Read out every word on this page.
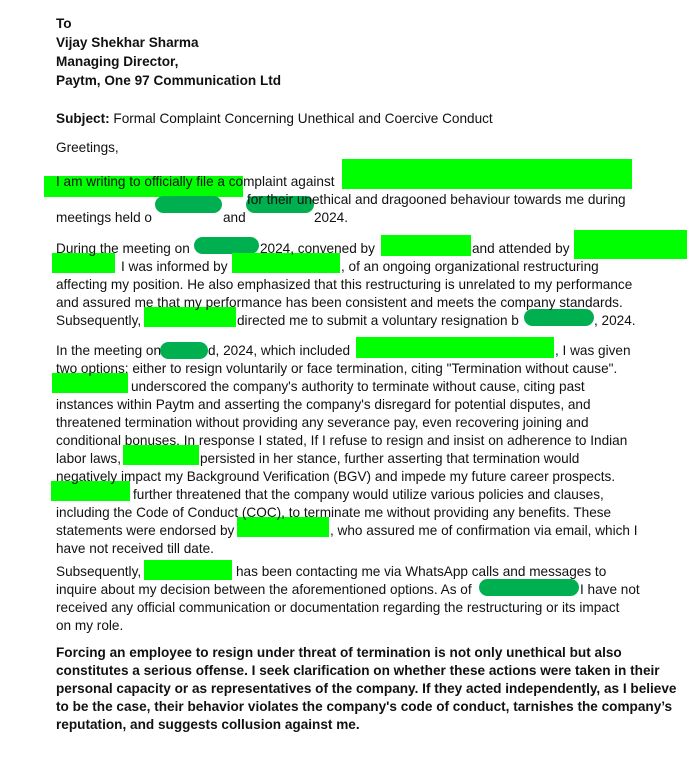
To
Vijay Shekhar Sharma
Managing Director,
Paytm, One 97 Communication Ltd
Subject: Formal Complaint Concerning Unethical and Coercive Conduct
Greetings,
I am writing to officially file a complaint against
for their unethical and dragooned behaviour towards me during
meetings held o	and	2024.
During the meeting on	2024, convened by	and attended by
I was informed by	, of an ongoing organizational restructuring
affecting my position. He also emphasized that this restructuring is unrelated to my performance
and assured me that my performance has been consistent and meets the company standards.
Subsequently,	directed me to submit a voluntary resignation b	, 2024.
In the meeting on	d, 2024, which included	, I was given
two options: either to resign voluntarily or face termination, citing "Termination without cause".
underscored the company's authority to terminate without cause, citing past
instances within Paytm and asserting the company's disregard for potential disputes, and
threatened termination without providing any severance pay, even recovering joining and
conditional bonuses. In response I stated, If I refuse to resign and insist on adherence to Indian
labor laws,	persisted in her stance, further asserting that termination would
negatively impact my Background Verification (BGV) and impede my future career prospects.
further threatened that the company would utilize various policies and clauses,
including the Code of Conduct (COC), to terminate me without providing any benefits. These
statements were endorsed by	, who assured me of confirmation via email, which I
have not received till date.
Subsequently,	has been contacting me via WhatsApp calls and messages to
inquire about my decision between the aforementioned options. As of	I have not
received any official communication or documentation regarding the restructuring or its impact
on my role.
Forcing an employee to resign under threat of termination is not only unethical but also
constitutes a serious offense. I seek clarification on whether these actions were taken in their
personal capacity or as representatives of the company. If they acted independently, as I believe
to be the case, their behavior violates the company's code of conduct, tarnishes the company’s
reputation, and suggests collusion against me.
